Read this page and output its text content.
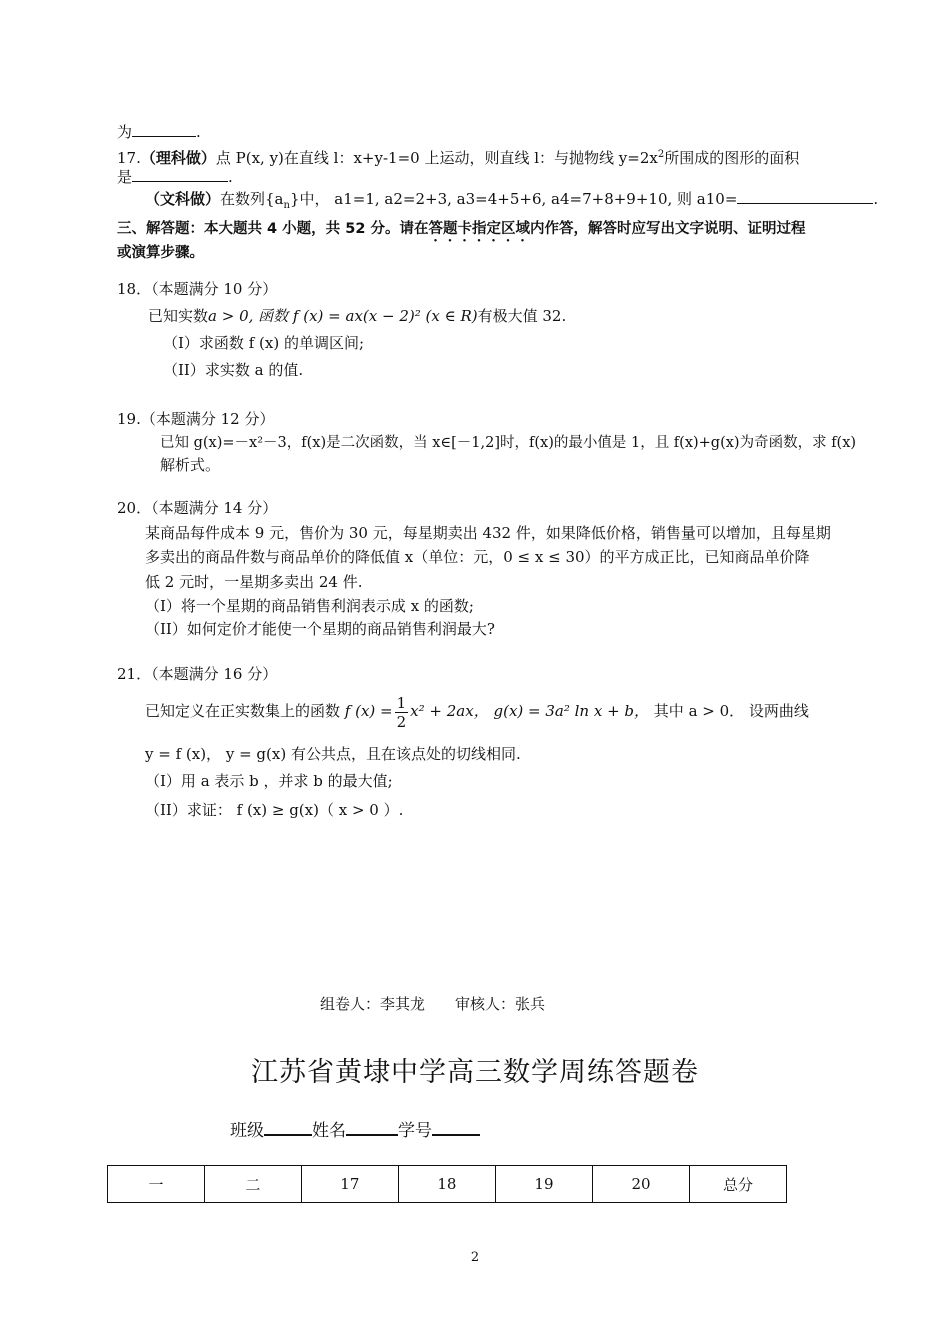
为	.
17.（理科做）点 P(x, y)在直线 l：x+y-1=0 上运动，则直线 l：与抛物线 $y=2x^2$所围成的图形的面积
是	.
（文科做）在数列$\{a_n\}$中， a1=1, a2=2+3, a3=4+5+6, a4=7+8+9+10, 则 a10=	.
三、解答题：本大题共 4 小题，共 52 分。请在答题卡指定区域内作答，解答时应写出文字说明、证明过程
或演算步骤。
18．（本题满分 10 分）
已知实数a > 0, 函数 f (x) = ax(x − 2)² (x ∈ R)有极大值 32.
（I）求函数 f (x) 的单调区间;
（II）求实数 a 的值.
19.（本题满分 12 分）
已知 g(x)=－x²－3，f(x)是二次函数，当 x∈[－1,2]时，f(x)的最小值是 1，且 f(x)+g(x)为奇函数，求 f(x)
解析式。
20．（本题满分 14 分）
某商品每件成本 9 元，售价为 30 元，每星期卖出 432 件，如果降低价格，销售量可以增加，且每星期
多卖出的商品件数与商品单价的降低值 x（单位：元，0 ≤ x ≤ 30）的平方成正比，已知商品单价降
低 2 元时，一星期多卖出 24 件.
（I）将一个星期的商品销售利润表示成 x 的函数;
（II）如何定价才能使一个星期的商品销售利润最大?
21．（本题满分 16 分）
已知定义在正实数集上的函数 f $(x) = \frac{1}{2} x^2 + 2ax$， g(x) = 3a² ln x + b， 其中 a > 0． 设两曲线
y = f (x)， y = g(x) 有公共点，且在该点处的切线相同.
（I）用 a 表示 b ，并求 b 的最大值;
（II）求证： f (x) ≥ g(x)（ x > 0 ）.
组卷人：李其龙　　审核人：张兵
江苏省黄埭中学高三数学周练答题卷
班级	姓名	学号
一	二	17	18	19	20	总分
2
